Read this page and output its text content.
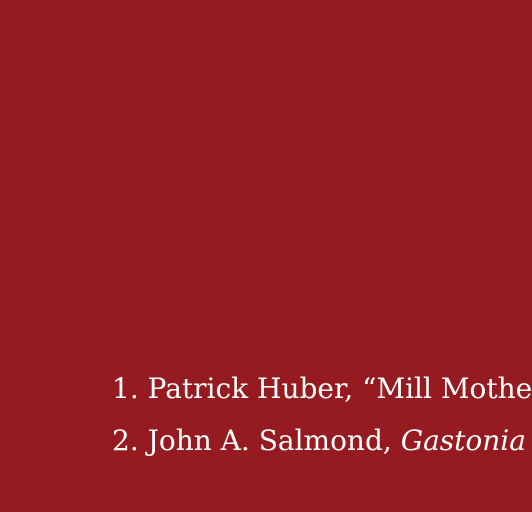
1. Patrick Huber, “Mill Mothe
2. John A. Salmond, Gastonia
